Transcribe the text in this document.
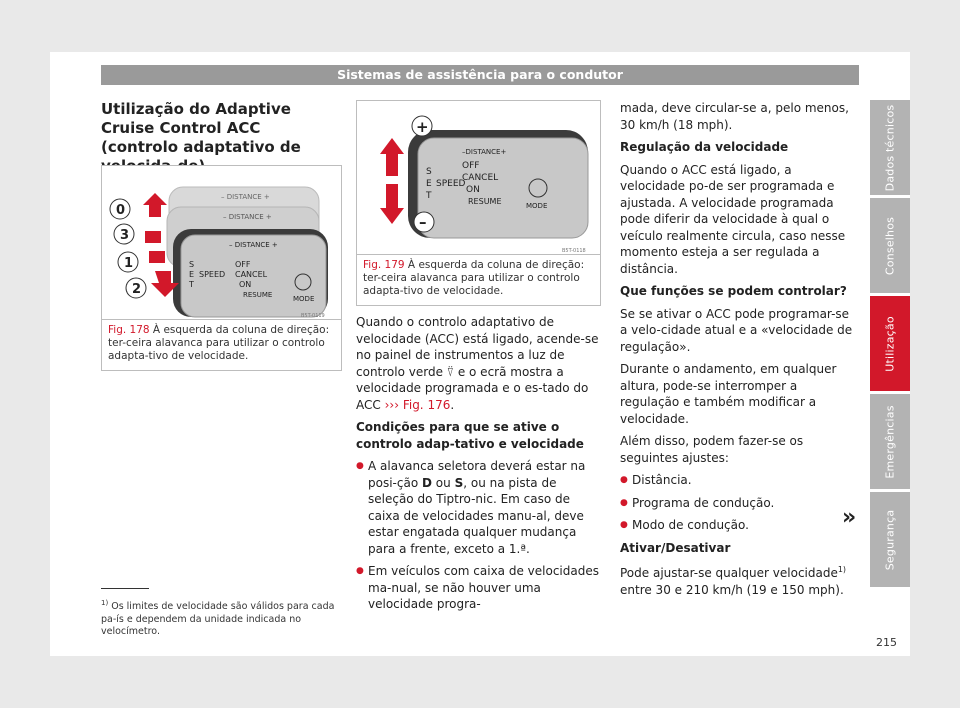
Sistemas de assistência para o condutor
Dados técnicos
Conselhos
Utilização
Emergências
Segurança
Utilização do Adaptive Cruise Control ACC (controlo adaptativo de
– DISTANCE +
– DISTANCE +
– DISTANCE +
S
E
T
SPEED
OFF
CANCEL
ON
RESUME	MODE
0
3
1
2
B5T-0119
Fig. 178 À esquerda da coluna de direção: ter-ceira alavanca para utilizar o controlo adapta-tivo de velocidade.
–DISTANCE+
S
E
T
SPEED
OFF
CANCEL
ON
RESUME	MODE
+
–
B5T-0118
Fig. 179 À esquerda da coluna de direção: ter-ceira alavanca para utilizar o controlo adapta-tivo de velocidade.

Quando o controlo adaptativo de velocidade (ACC) está ligado, acende-se no painel de instrumentos a luz de controlo verde ⍢ e o ecrã mostra a velocidade programada e o es-tado do ACC ››› Fig. 176.

Condições para que se ative o controlo adap-tativo e velocidade

● A alavanca seletora deverá estar na posi-ção D ou S, ou na pista de seleção do Tiptro-nic. Em caso de caixa de velocidades manu-al, deve estar engatada qualquer mudança para a frente, exceto a 1.ª.

● Em veículos com caixa de velocidades ma-nual, se não houver uma velocidade progra-

mada, deve circular-se a, pelo menos, 30 km/h (18 mph).

Regulação da velocidade

Quando o ACC está ligado, a velocidade po-de ser programada e ajustada. A velocidade programada pode diferir da velocidade à qual o veículo realmente circula, caso nesse momento esteja a ser regulada a distância.

Que funções se podem controlar?

Se se ativar o ACC pode programar-se a velo-cidade atual e a «velocidade de regulação».

Durante o andamento, em qualquer altura, pode-se interromper a regulação e também modificar a velocidade.

Além disso, podem fazer-se os seguintes ajustes:

● Distância.

● Programa de condução.

● Modo de condução.

Ativar/Desativar

Pode ajustar-se qualquer velocidade$^{1)}$ entre 30 e 210 km/h (19 e 150 mph).

»
$^{1)}$ Os limites de velocidade são válidos para cada pa-ís e dependem da unidade indicada no velocímetro.
215
